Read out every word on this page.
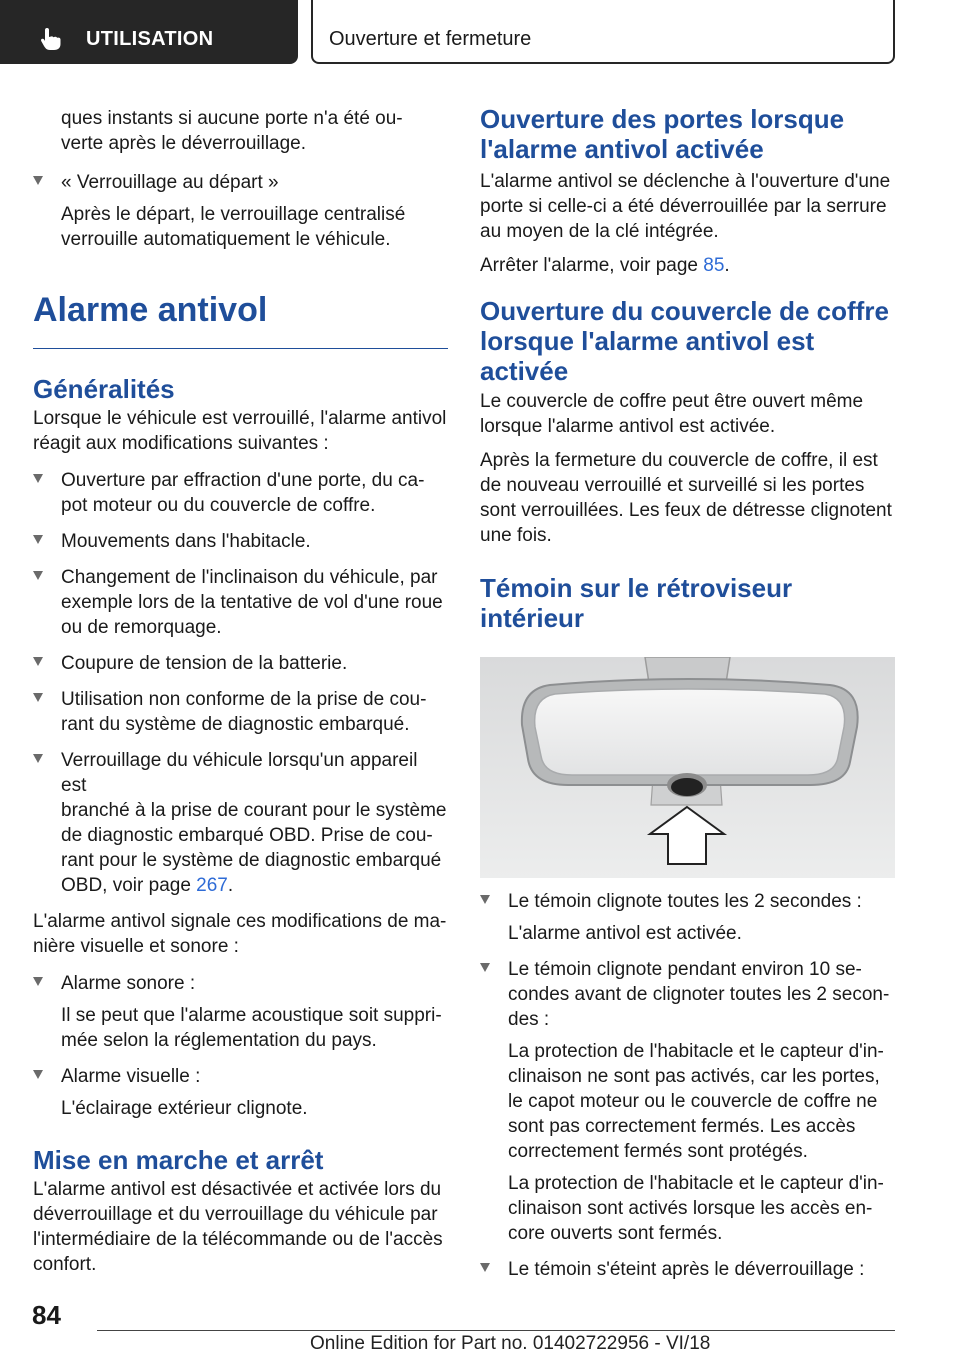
UTILISATION	Ouverture et fermeture

ques instants si aucune porte n'a été ou-

verte après le déverrouillage.

« Verrouillage au départ »

Après le départ, le verrouillage centralisé

verrouille automatiquement le véhicule.

Alarme antivol
Généralités

Lorsque le véhicule est verrouillé, l'alarme antivol

réagit aux modifications suivantes :

Ouverture par effraction d'une porte, du ca-

pot moteur ou du couvercle de coffre.

Mouvements dans l'habitacle.

Changement de l'inclinaison du véhicule, par

exemple lors de la tentative de vol d'une roue

ou de remorquage.

Coupure de tension de la batterie.

Utilisation non conforme de la prise de cou-

rant du système de diagnostic embarqué.

Verrouillage du véhicule lorsqu'un appareil est

branché à la prise de courant pour le système

de diagnostic embarqué OBD. Prise de cou-

rant pour le système de diagnostic embarqué

OBD, voir page 267.

L'alarme antivol signale ces modifications de ma-

nière visuelle et sonore :

Alarme sonore :

Il se peut que l'alarme acoustique soit suppri-

mée selon la réglementation du pays.

Alarme visuelle :

L'éclairage extérieur clignote.

Mise en marche et arrêt

L'alarme antivol est désactivée et activée lors du

déverrouillage et du verrouillage du véhicule par

l'intermédiaire de la télécommande ou de l'accès

confort.

Ouverture des portes lorsque
l'alarme antivol activée

L'alarme antivol se déclenche à l'ouverture d'une

porte si celle-ci a été déverrouillée par la serrure

au moyen de la clé intégrée.

Arrêter l'alarme, voir page 85.

Ouverture du couvercle de coffre
lorsque l'alarme antivol est
activée

Le couvercle de coffre peut être ouvert même

lorsque l'alarme antivol est activée.

Après la fermeture du couvercle de coffre, il est

de nouveau verrouillé et surveillé si les portes

sont verrouillées. Les feux de détresse clignotent

une fois.

Témoin sur le rétroviseur
intérieur

Le témoin clignote toutes les 2 secondes :

L'alarme antivol est activée.

Le témoin clignote pendant environ 10 se-

condes avant de clignoter toutes les 2 secon-

des :

La protection de l'habitacle et le capteur d'in-

clinaison ne sont pas activés, car les portes,

le capot moteur ou le couvercle de coffre ne

sont pas correctement fermés. Les accès

correctement fermés sont protégés.

La protection de l'habitacle et le capteur d'in-

clinaison sont activés lorsque les accès en-

core ouverts sont fermés.

Le témoin s'éteint après le déverrouillage :

84
Online Edition for Part no. 01402722956 - VI/18
